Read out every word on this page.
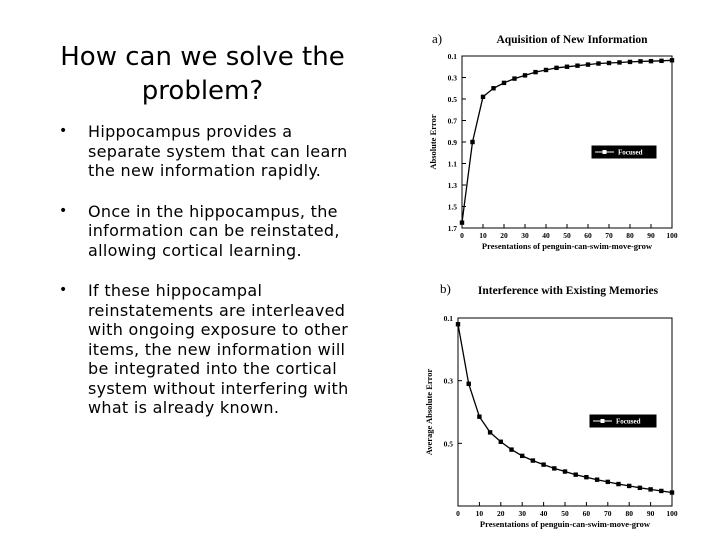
How can we solve the problem?
• Hippocampus provides a separate system that can learn the new information rapidly.
• Once in the hippocampus, the information can be reinstated, allowing cortical learning.
• If these hippocampal reinstatements are interleaved with ongoing exposure to other items, the new information will be integrated into the cortical system without interfering with what is already known.
a)	Aquisition of New Information
0 10 20 30 40 50 60 70 80 90 100
0.1
0.3
0.5
0.7
0.9
1.1
1.3
1.5
1.7
Presentations of penguin-can-swim-move-grow
Absolute Error	Focused
b) Interference with Existing Memories
0 10 20 30 40 50 60 70 80 90 100
0.1
0.3
0.5
Presentations of penguin-can-swim-move-grow
Average Absolute Error	Focused
